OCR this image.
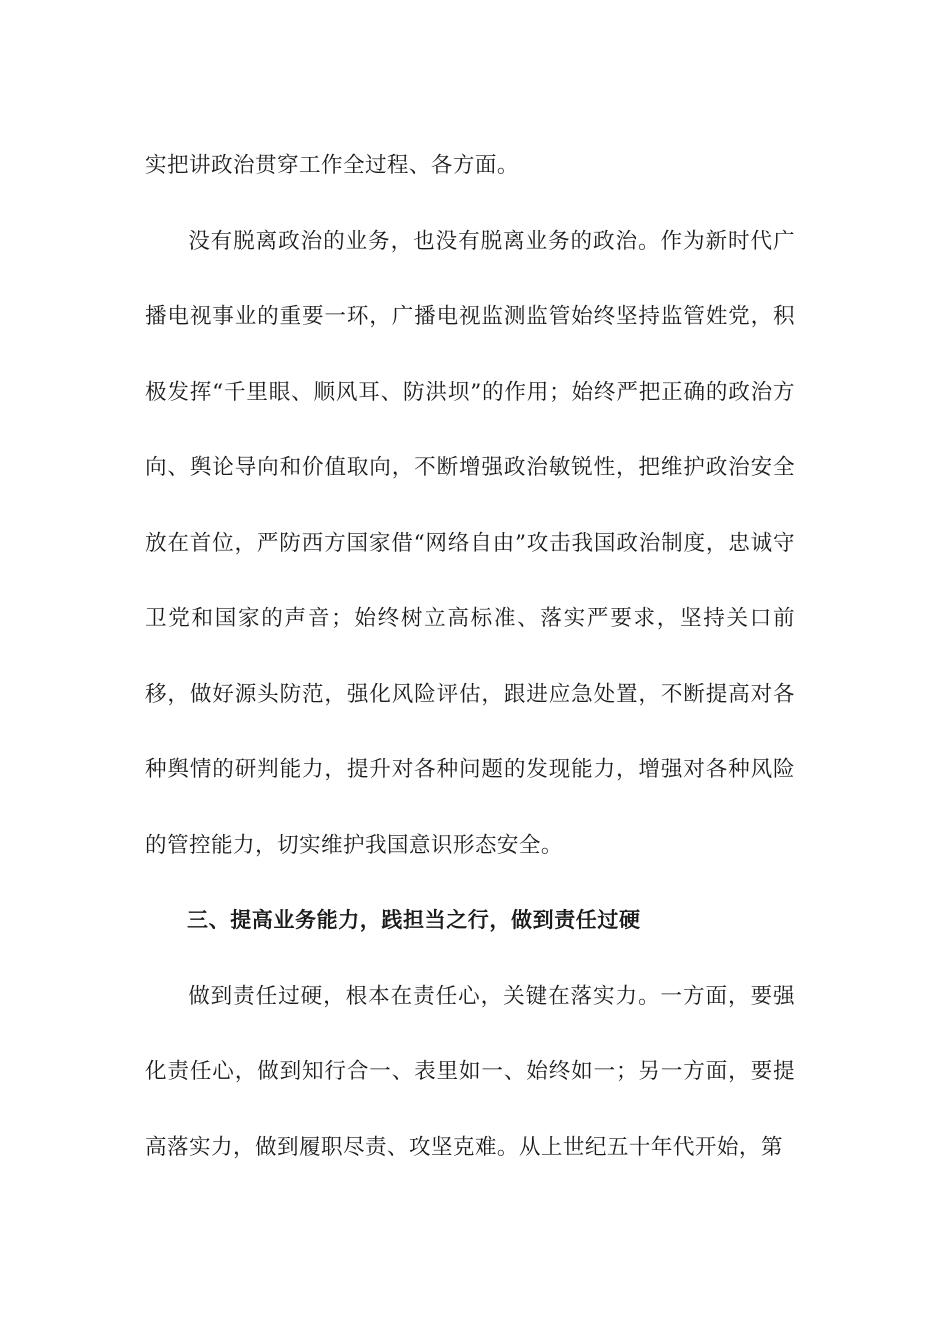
实把讲政治贯穿工作全过程、各方面。

没有脱离政治的业务，也没有脱离业务的政治。作为新时代广播电视事业的重要一环，广播电视监测监管始终坚持监管姓党，积极发挥“千里眼、顺风耳、防洪坝”的作用；始终严把正确的政治方向、舆论导向和价值取向，不断增强政治敏锐性，把维护政治安全放在首位，严防西方国家借“网络自由”攻击我国政治制度，忠诚守卫党和国家的声音；始终树立高标准、落实严要求，坚持关口前移，做好源头防范，强化风险评估，跟进应急处置，不断提高对各种舆情的研判能力，提升对各种问题的发现能力，增强对各种风险的管控能力，切实维护我国意识形态安全。

三、提高业务能力，践担当之行，做到责任过硬

做到责任过硬，根本在责任心，关键在落实力。一方面，要强化责任心，做到知行合一、表里如一、始终如一；另一方面，要提高落实力，做到履职尽责、攻坚克难。从上世纪五十年代开始，第
